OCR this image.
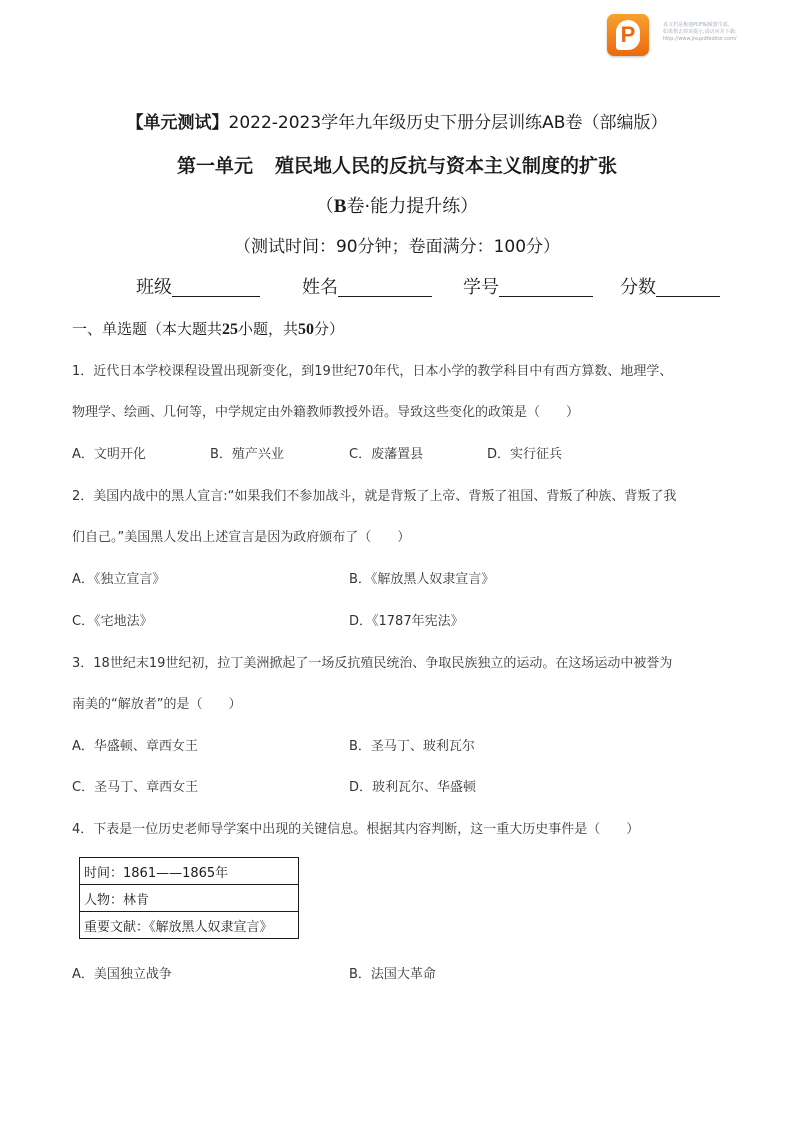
P	该文档是极速PDF编辑器生成,
如果想去掉该提示,请访问并下载:
http://www.jisupdfeditor.com/
【单元测试】2022-2023学年九年级历史下册分层训练AB卷（部编版）
第一单元 殖民地人民的反抗与资本主义制度的扩张
（B卷·能力提升练）
（测试时间：90分钟；卷面满分：100分）
班级	姓名	学号	分数
一、单选题（本大题共25小题，共50分）
1．近代日本学校课程设置出现新变化，到19世纪70年代，日本小学的教学科目中有西方算数、地理学、
物理学、绘画、几何等，中学规定由外籍教师教授外语。导致这些变化的政策是（　　）
A．文明开化	B．殖产兴业	C．废藩置县	D．实行征兵
2．美国内战中的黑人宣言:“如果我们不参加战斗，就是背叛了上帝、背叛了祖国、背叛了种族、背叛了我
们自己。”美国黑人发出上述宣言是因为政府颁布了（　　）
A．《独立宣言》	B．《解放黑人奴隶宣言》
C．《宅地法》	D．《1787年宪法》
3．18世纪末19世纪初，拉丁美洲掀起了一场反抗殖民统治、争取民族独立的运动。在这场运动中被誉为
南美的“解放者”的是（　　）
A．华盛顿、章西女王	B．圣马丁、玻利瓦尔
C．圣马丁、章西女王	D．玻利瓦尔、华盛顿
4．下表是一位历史老师导学案中出现的关键信息。根据其内容判断，这一重大历史事件是（　　）
时间：1861——1865年
人物：林肯
重要文献：《解放黑人奴隶宣言》
A．美国独立战争	B．法国大革命
